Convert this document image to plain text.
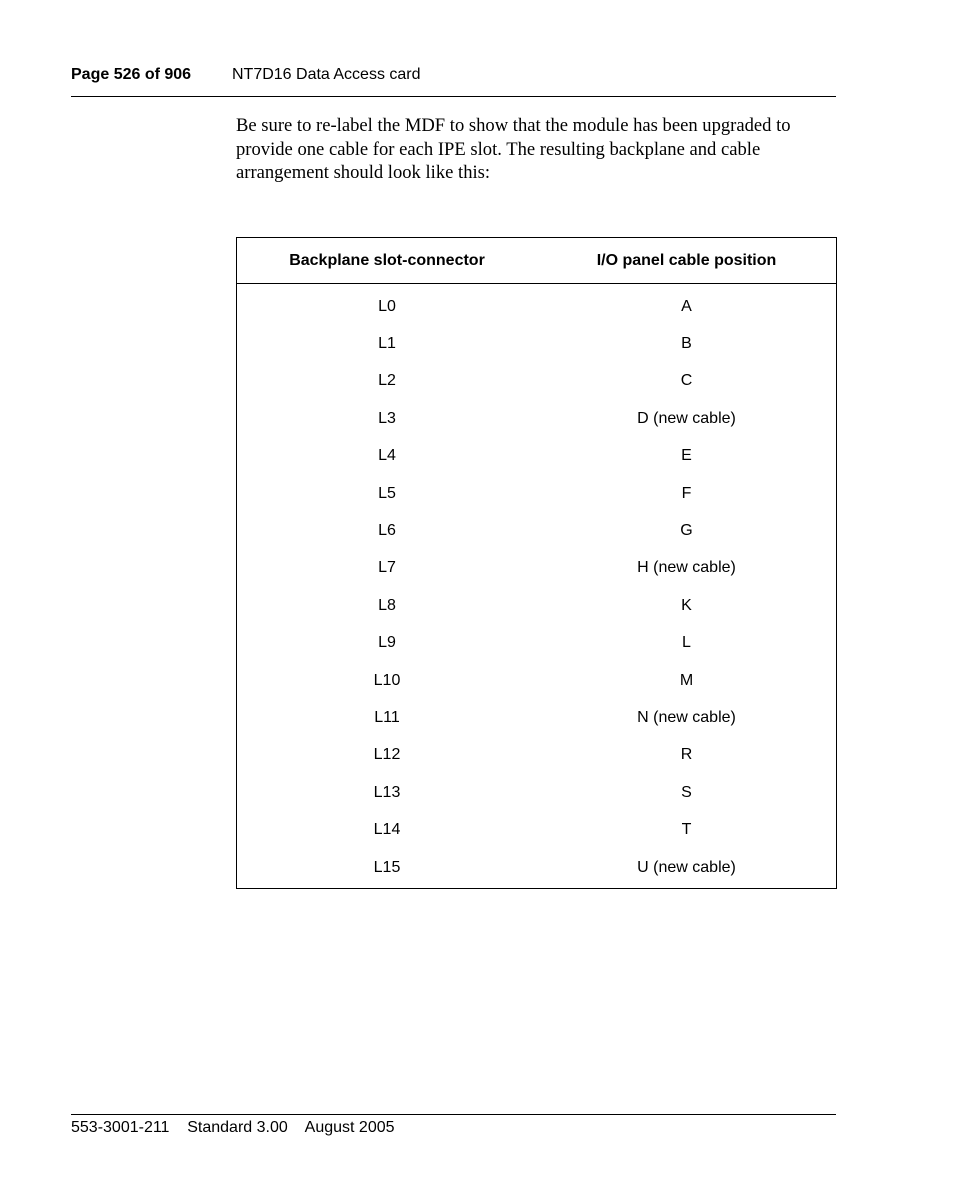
Page 526 of 906	NT7D16 Data Access card

Be sure to re-label the MDF to show that the module has been upgraded to provide one cable for each IPE slot. The resulting backplane and cable arrangement should look like this:

Backplane slot-connector	I/O panel cable position
L0	A
L1	B
L2	C
L3	D (new cable)
L4	E
L5	F
L6	G
L7	H (new cable)
L8	K
L9	L
L10	M
L11	N (new cable)
L12	R
L13	S
L14	T
L15	U (new cable)
553-3001-211 Standard 3.00 August 2005
